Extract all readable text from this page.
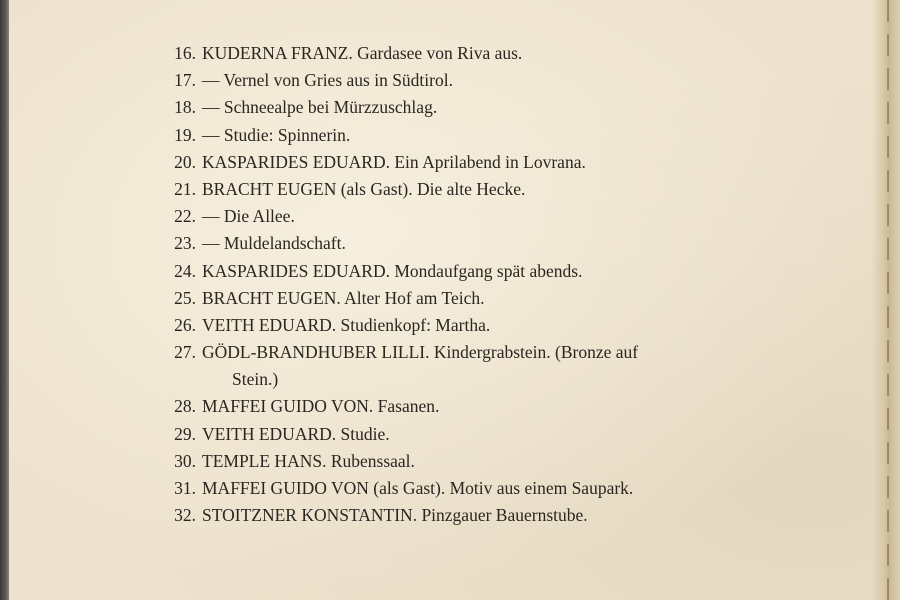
16. KUDERNA FRANZ. Gardasee von Riva aus.
17. — Vernel von Gries aus in Südtirol.
18. — Schneealpe bei Mürzzuschlag.
19. — Studie: Spinnerin.
20. KASPARIDES EDUARD. Ein Aprilabend in Lovrana.
21. BRACHT EUGEN (als Gast). Die alte Hecke.
22. — Die Allee.
23. — Muldelandschaft.
24. KASPARIDES EDUARD. Mondaufgang spät abends.
25. BRACHT EUGEN. Alter Hof am Teich.
26. VEITH EDUARD. Studienkopf: Martha.
27. GÖDL-BRANDHUBER LILLI. Kindergrabstein. (Bronze auf
Stein.)
28. MAFFEI GUIDO VON. Fasanen.
29. VEITH EDUARD. Studie.
30. TEMPLE HANS. Rubenssaal.
31. MAFFEI GUIDO VON (als Gast). Motiv aus einem Saupark.
32. STOITZNER KONSTANTIN. Pinzgauer Bauernstube.
